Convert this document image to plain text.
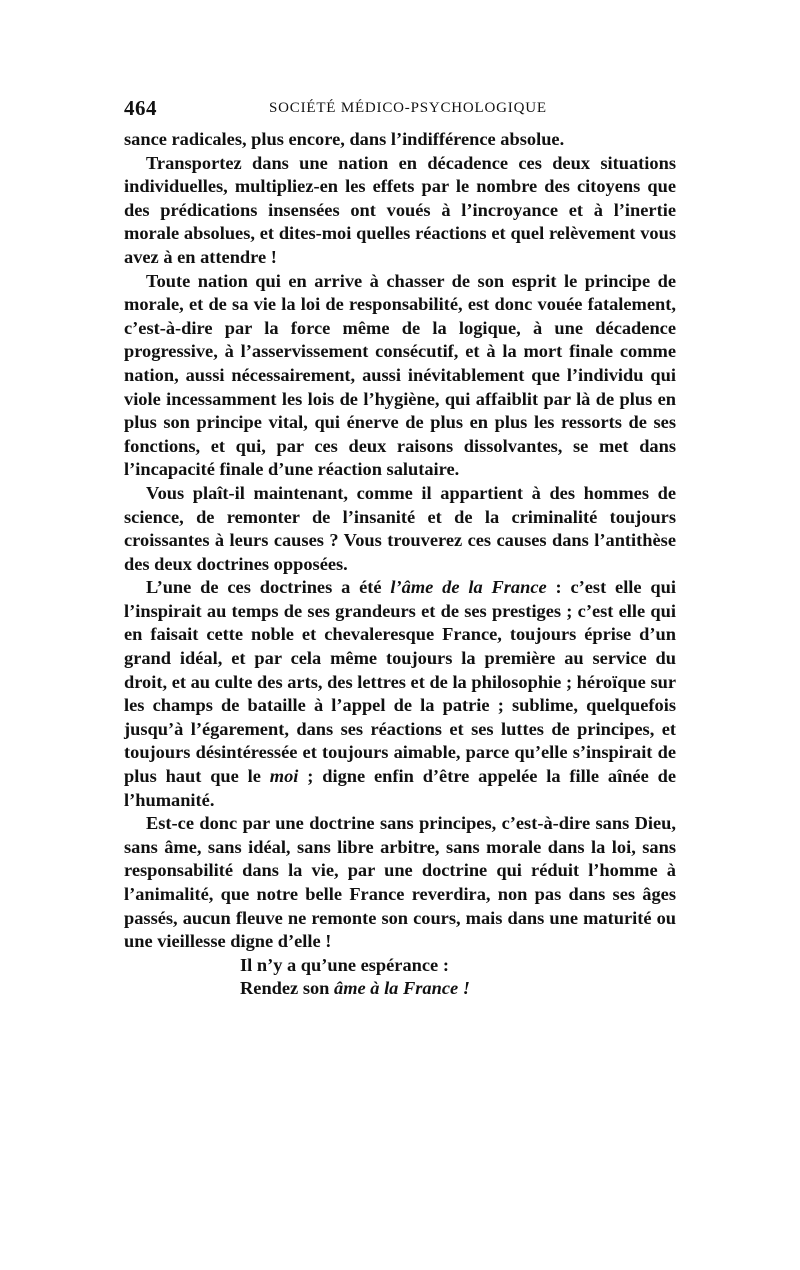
464	SOCIÉTÉ MÉDICO-PSYCHOLOGIQUE

sance radicales, plus encore, dans l’indifférence absolue.

Transportez dans une nation en décadence ces deux situations individuelles, multipliez-en les effets par le nombre des citoyens que des prédications insensées ont voués à l’incroyance et à l’inertie morale absolues, et dites-moi quelles réactions et quel relèvement vous avez à en attendre !

Toute nation qui en arrive à chasser de son esprit le principe de morale, et de sa vie la loi de responsabilité, est donc vouée fatalement, c’est-à-dire par la force même de la logique, à une décadence progressive, à l’asservissement consécutif, et à la mort finale comme nation, aussi nécessairement, aussi inévitablement que l’individu qui viole incessamment les lois de l’hygiène, qui affaiblit par là de plus en plus son principe vital, qui énerve de plus en plus les ressorts de ses fonctions, et qui, par ces deux raisons dissolvantes, se met dans l’incapacité finale d’une réaction salutaire.

Vous plaît-il maintenant, comme il appartient à des hommes de science, de remonter de l’insanité et de la criminalité toujours croissantes à leurs causes ? Vous trouverez ces causes dans l’antithèse des deux doctrines opposées.

L’une de ces doctrines a été l’âme de la France : c’est elle qui l’inspirait au temps de ses grandeurs et de ses prestiges ; c’est elle qui en faisait cette noble et chevaleresque France, toujours éprise d’un grand idéal, et par cela même toujours la première au service du droit, et au culte des arts, des lettres et de la philosophie ; héroïque sur les champs de bataille à l’appel de la patrie ; sublime, quelquefois jusqu’à l’égarement, dans ses réactions et ses luttes de principes, et toujours désintéressée et toujours aimable, parce qu’elle s’inspirait de plus haut que le moi ; digne enfin d’être appelée la fille aînée de l’humanité.

Est-ce donc par une doctrine sans principes, c’est-à-dire sans Dieu, sans âme, sans idéal, sans libre arbitre, sans morale dans la loi, sans responsabilité dans la vie, par une doctrine qui réduit l’homme à l’animalité, que notre belle France reverdira, non pas dans ses âges passés, aucun fleuve ne remonte son cours, mais dans une maturité ou une vieillesse digne d’elle !

Il n’y a qu’une espérance :
Rendez son âme à la France !
